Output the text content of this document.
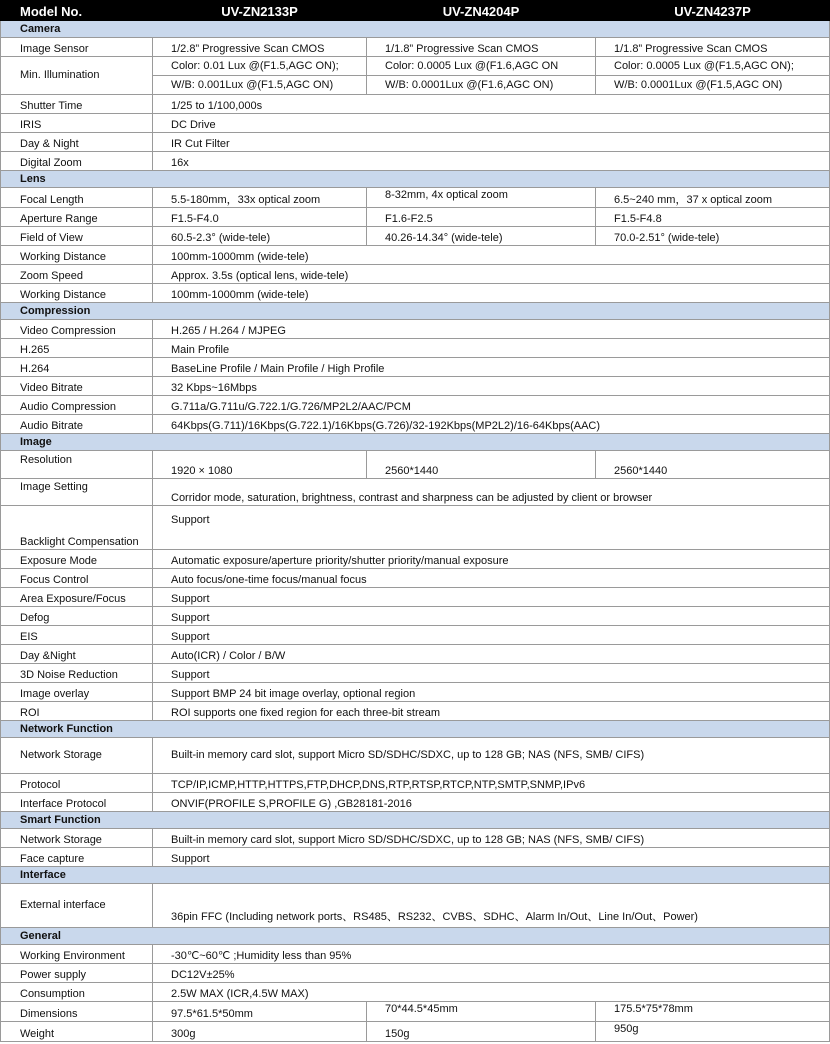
Model No.	UV-ZN2133P	UV-ZN4204P	UV-ZN4237P
Camera			
Image Sensor	1/2.8” Progressive Scan CMOS	1/1.8” Progressive Scan CMOS	1/1.8” Progressive Scan CMOS
Min. Illumination	Color: 0.01 Lux @(F1.5,AGC ON);	Color: 0.0005 Lux @(F1.6,AGC ON	Color: 0.0005 Lux @(F1.5,AGC ON);
	W/B: 0.001Lux @(F1.5,AGC ON)	W/B: 0.0001Lux @(F1.6,AGC ON)	W/B: 0.0001Lux @(F1.5,AGC ON)
Shutter Time	1/25 to 1/100,000s		
IRIS	DC Drive		
Day & Night	IR Cut Filter		
Digital Zoom	16x		
Lens			
Focal Length	5.5-180mm，33x optical zoom	8-32mm, 4x optical zoom	6.5~240 mm，37 x optical zoom
Aperture Range	F1.5-F4.0	F1.6-F2.5	F1.5-F4.8
Field of View	60.5-2.3° (wide-tele)	40.26-14.34° (wide-tele)	70.0-2.51° (wide-tele)
Working Distance	100mm-1000mm (wide-tele)		
Zoom Speed	Approx. 3.5s (optical lens, wide-tele)		
Working Distance	100mm-1000mm (wide-tele)		
Compression			
Video Compression	H.265 / H.264 / MJPEG		
H.265	Main Profile		
H.264	BaseLine Profile / Main Profile / High Profile		
Video Bitrate	32 Kbps~16Mbps		
Audio Compression	G.711a/G.711u/G.722.1/G.726/MP2L2/AAC/PCM		
Audio Bitrate	64Kbps(G.711)/16Kbps(G.722.1)/16Kbps(G.726)/32-192Kbps(MP2L2)/16-64Kbps(AAC)		
Image			
Resolution	1920 × 1080	2560*1440	2560*1440
Image Setting	Corridor mode, saturation, brightness, contrast and sharpness can be adjusted by client or browser		
Backlight Compensation	Support		
Exposure Mode	Automatic exposure/aperture priority/shutter priority/manual exposure		
Focus Control	Auto focus/one-time focus/manual focus		
Area Exposure/Focus	Support		
Defog	Support		
EIS	Support		
Day &Night	Auto(ICR) / Color / B/W		
3D Noise Reduction	Support		
Image overlay	Support BMP 24 bit image overlay, optional region		
ROI	ROI supports one fixed region for each three-bit stream		
Network Function			
Network Storage	Built-in memory card slot, support Micro SD/SDHC/SDXC, up to 128 GB; NAS (NFS, SMB/ CIFS)		
Protocol	TCP/IP,ICMP,HTTP,HTTPS,FTP,DHCP,DNS,RTP,RTSP,RTCP,NTP,SMTP,SNMP,IPv6		
Interface Protocol	ONVIF(PROFILE S,PROFILE G) ,GB28181-2016		
Smart Function			
Network Storage	Built-in memory card slot, support Micro SD/SDHC/SDXC, up to 128 GB; NAS (NFS, SMB/ CIFS)		
Face capture	Support		
Interface			
External interface	36pin FFC (Including network ports、RS485、RS232、CVBS、SDHC、Alarm In/Out、Line In/Out、Power)		
General			
Working Environment	-30℃~60℃ ;Humidity less than 95%		
Power supply	DC12V±25%		
Consumption	2.5W MAX (ICR,4.5W MAX)		
Dimensions	97.5*61.5*50mm	70*44.5*45mm	175.5*75*78mm
Weight	300g	150g	950g
